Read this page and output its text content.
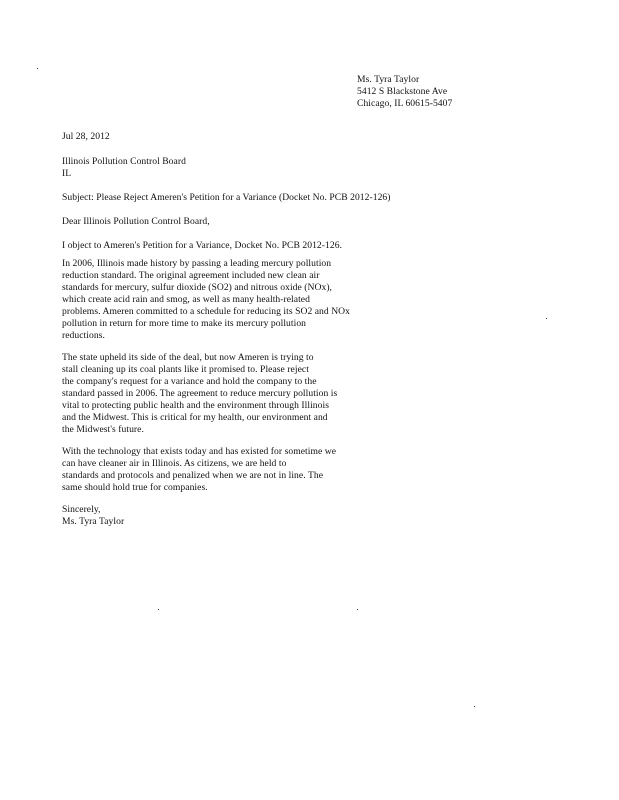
Ms. Tyra Taylor
5412 S Blackstone Ave
Chicago, IL 60615-5407
Jul 28, 2012
Illinois Pollution Control Board
IL
Subject: Please Reject Ameren's Petition for a Variance (Docket No. PCB 2012-126)
Dear Illinois Pollution Control Board,
I object to Ameren's Petition for a Variance, Docket No. PCB 2012-126.
In 2006, Illinois made history by passing a leading mercury pollution
reduction standard. The original agreement included new clean air
standards for mercury, sulfur dioxide (SO2) and nitrous oxide (NOx),
which create acid rain and smog, as well as many health-related
problems. Ameren committed to a schedule for reducing its SO2 and NOx
pollution in return for more time to make its mercury pollution
reductions.
The state upheld its side of the deal, but now Ameren is trying to
stall cleaning up its coal plants like it promised to. Please reject
the company's request for a variance and hold the company to the
standard passed in 2006. The agreement to reduce mercury pollution is
vital to protecting public health and the environment through Illinois
and the Midwest. This is critical for my health, our environment and
the Midwest's future.
With the technology that exists today and has existed for sometime we
can have cleaner air in Illinois. As citizens, we are held to
standards and protocols and penalized when we are not in line. The
same should hold true for companies.
Sincerely,
Ms. Tyra Taylor
